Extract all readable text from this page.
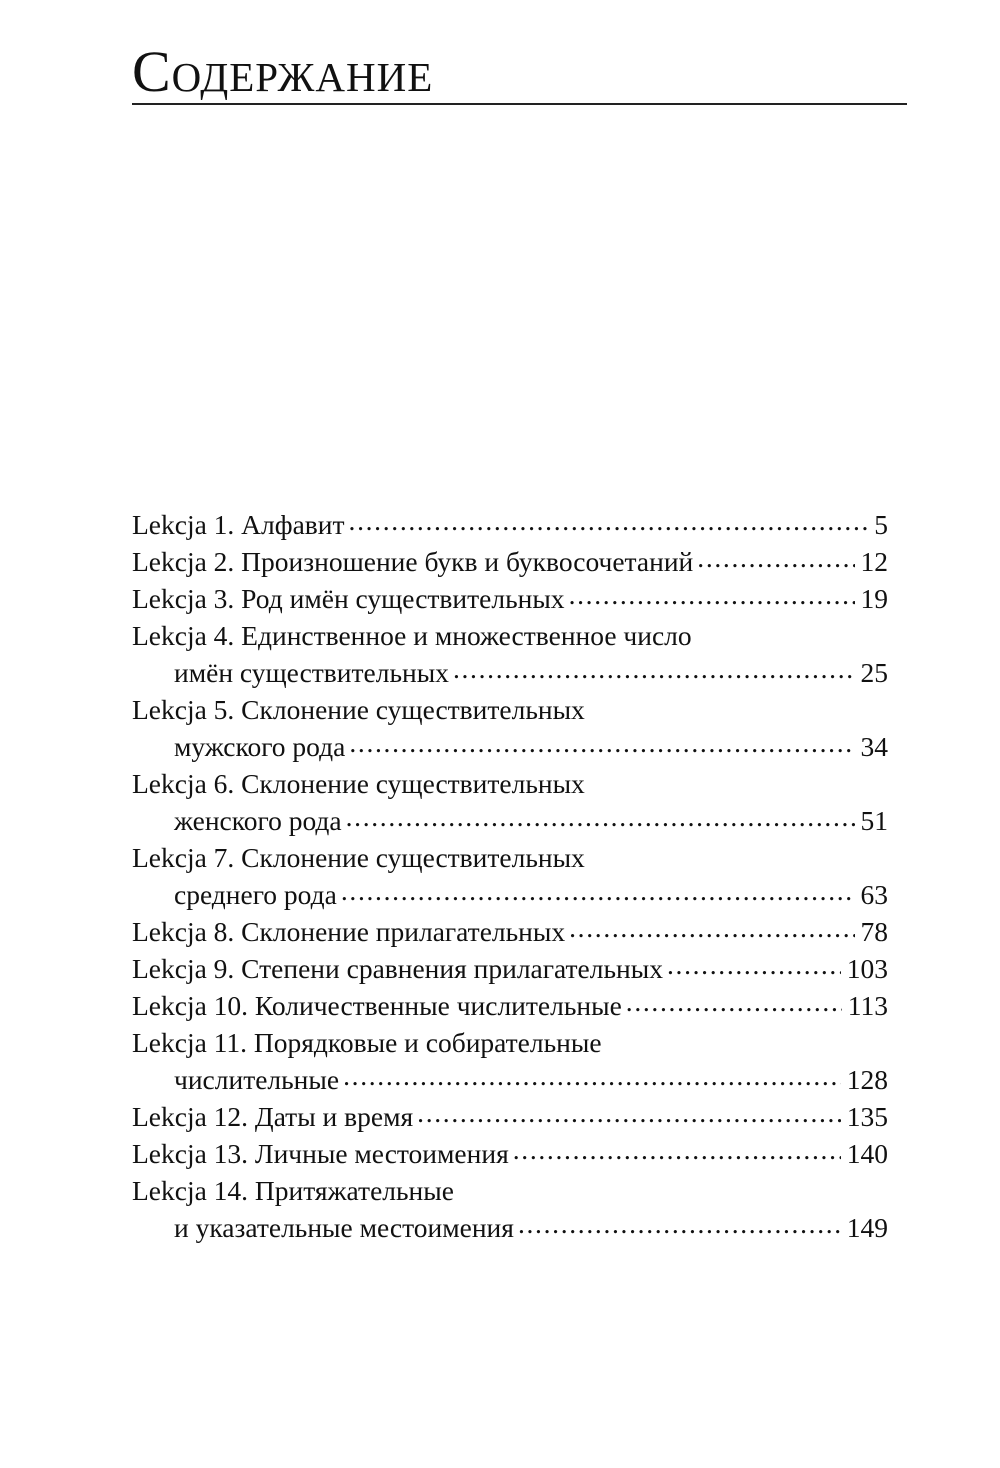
Содержание
Lekcja 1. Алфавит . . .	5
Lekcja 2. Произношение букв и буквосочетаний . . .	12
Lekcja 3. Род имён существительных . . .	19
Lekcja 4. Единственное и множественное число
имён существительных . . .	25
Lekcja 5. Склонение существительных
мужского рода . . .	34
Lekcja 6. Склонение существительных
женского рода . . .	51
Lekcja 7. Склонение существительных
среднего рода . . .	63
Lekcja 8. Склонение прилагательных . . .	78
Lekcja 9. Степени сравнения прилагательных . . .	103
Lekcja 10. Количественные числительные . . .	113
Lekcja 11. Порядковые и собирательные
числительные . . .	128
Lekcja 12. Даты и время . . .	135
Lekcja 13. Личные местоимения . . .	140
Lekcja 14. Притяжательные
и указательные местоимения . . .	149
